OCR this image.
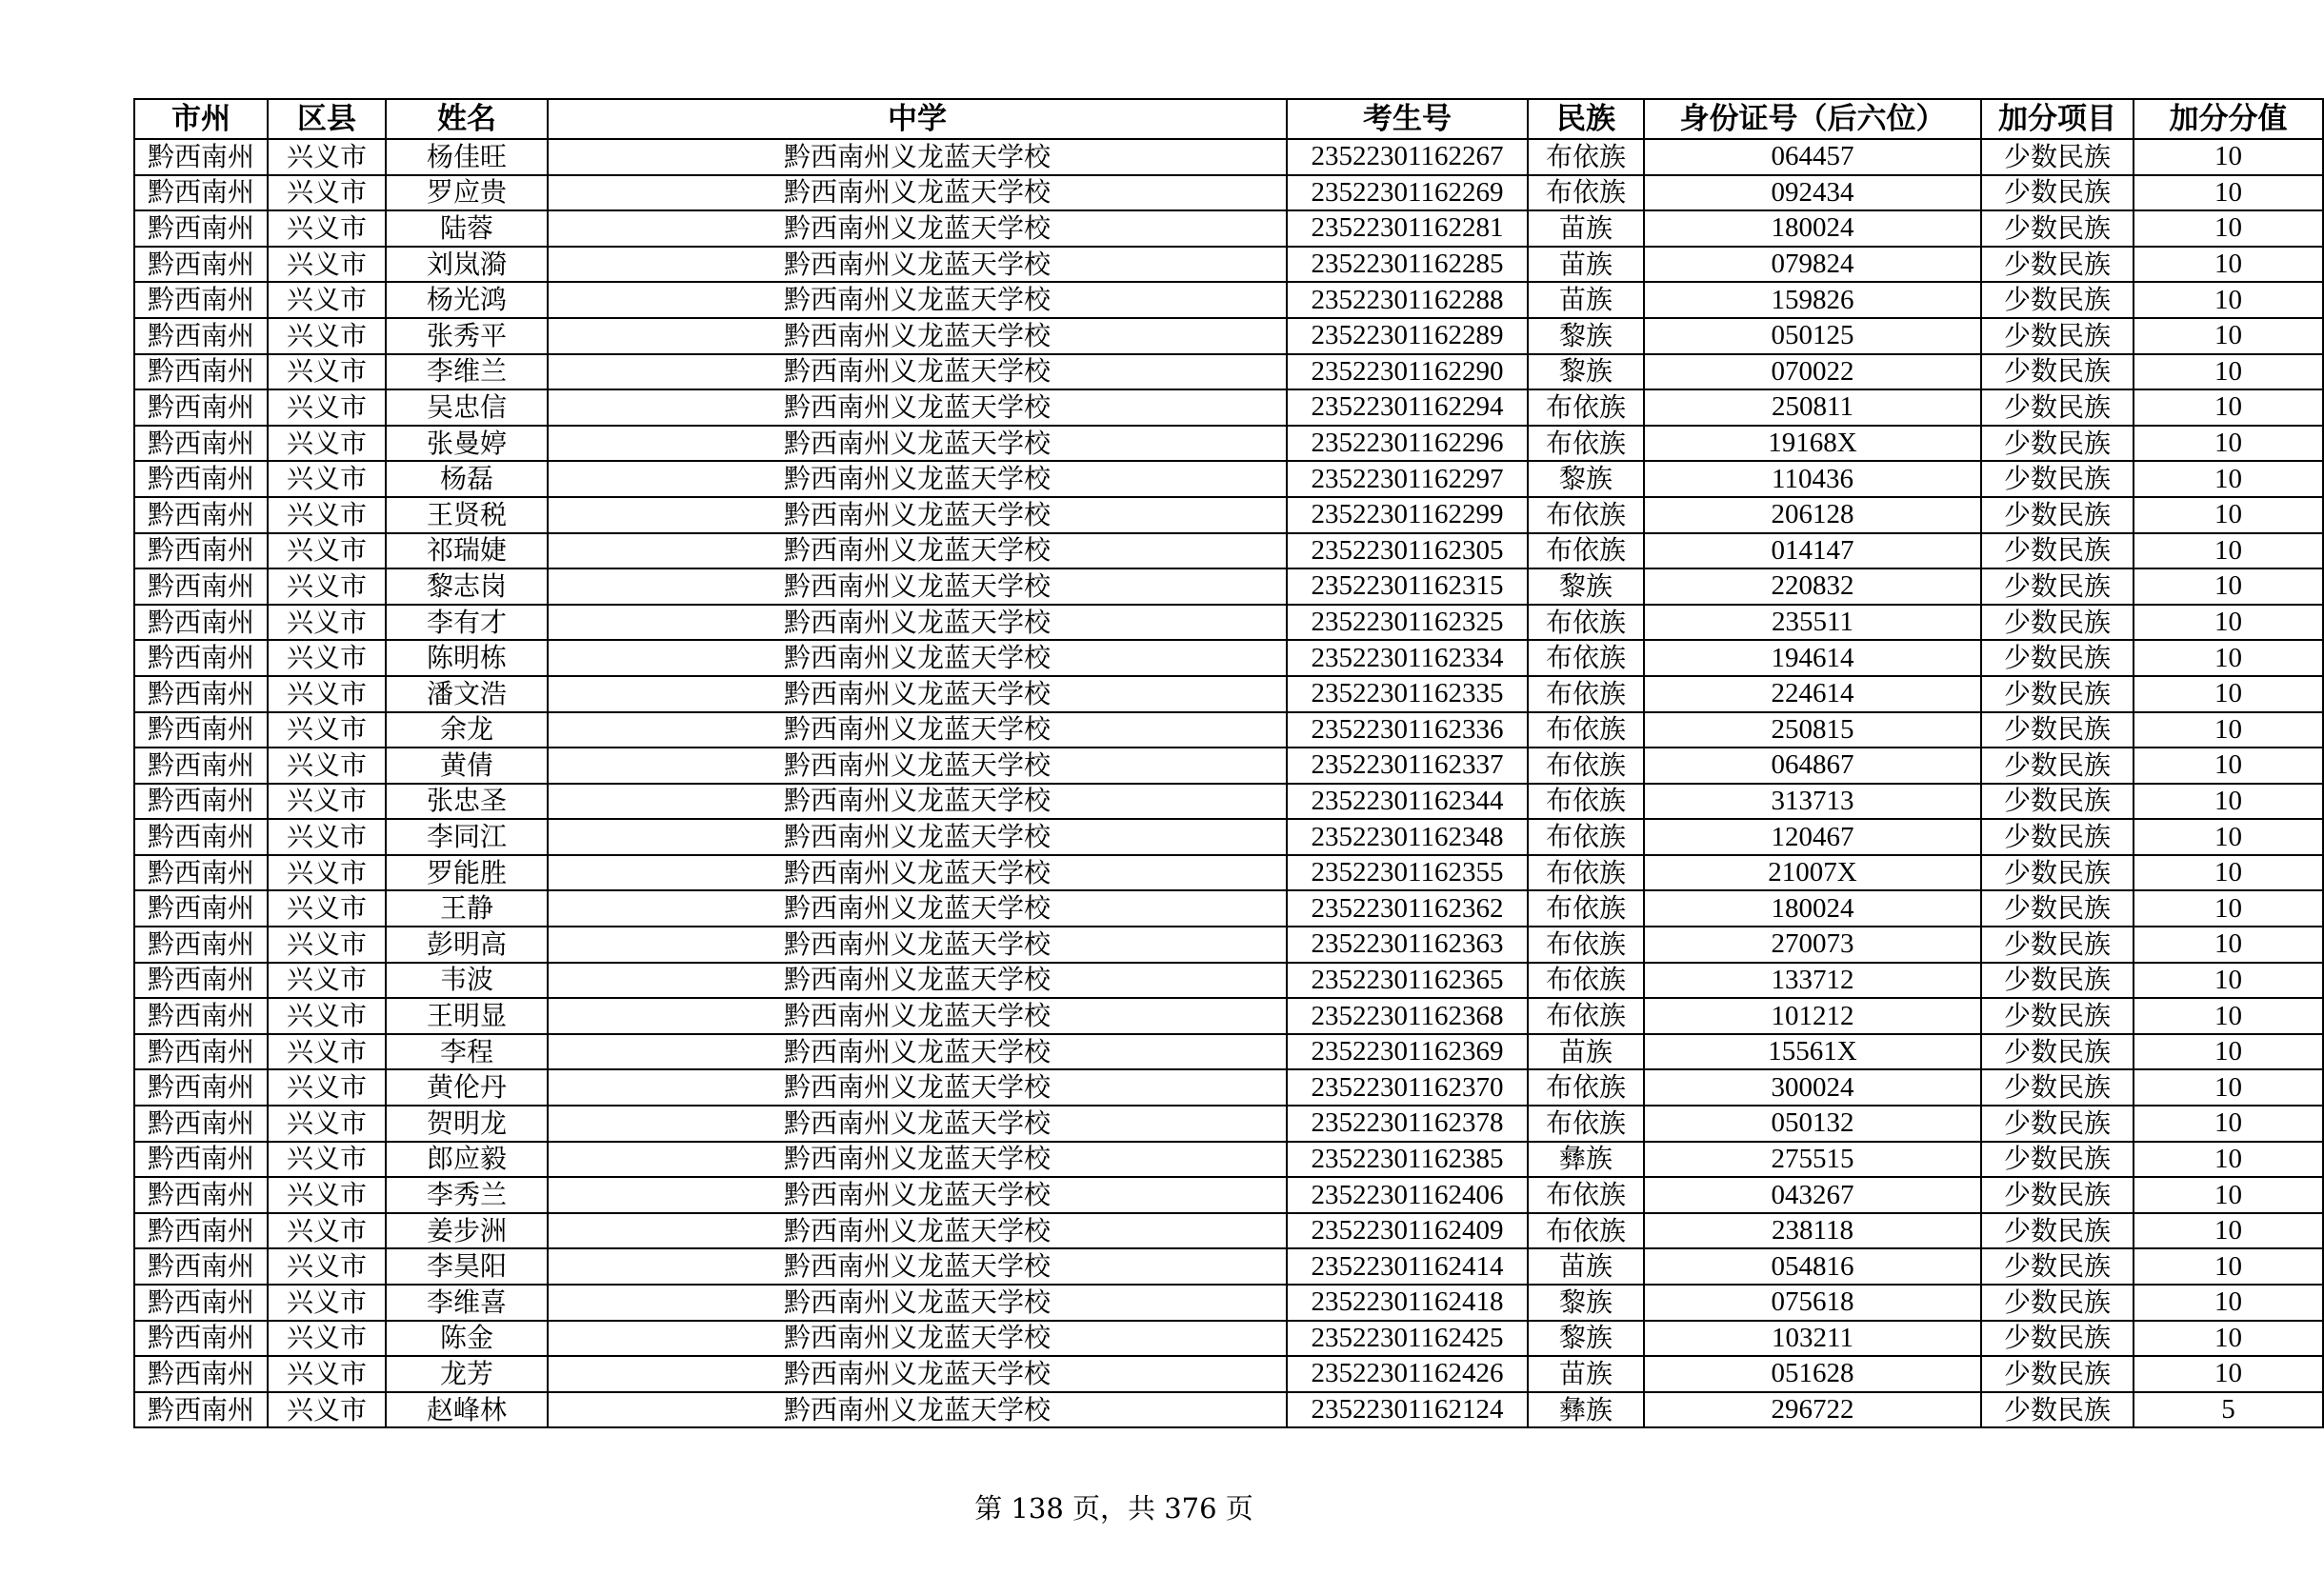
市州	区县	姓名	中学	考生号	民族	身份证号（后六位）	加分项目	加分分值
黔西南州	兴义市	杨佳旺	黔西南州义龙蓝天学校	23522301162267	布依族	064457	少数民族	10
黔西南州	兴义市	罗应贵	黔西南州义龙蓝天学校	23522301162269	布依族	092434	少数民族	10
黔西南州	兴义市	陆蓉	黔西南州义龙蓝天学校	23522301162281	苗族	180024	少数民族	10
黔西南州	兴义市	刘岚漪	黔西南州义龙蓝天学校	23522301162285	苗族	079824	少数民族	10
黔西南州	兴义市	杨光鸿	黔西南州义龙蓝天学校	23522301162288	苗族	159826	少数民族	10
黔西南州	兴义市	张秀平	黔西南州义龙蓝天学校	23522301162289	黎族	050125	少数民族	10
黔西南州	兴义市	李维兰	黔西南州义龙蓝天学校	23522301162290	黎族	070022	少数民族	10
黔西南州	兴义市	吴忠信	黔西南州义龙蓝天学校	23522301162294	布依族	250811	少数民族	10
黔西南州	兴义市	张曼婷	黔西南州义龙蓝天学校	23522301162296	布依族	19168X	少数民族	10
黔西南州	兴义市	杨磊	黔西南州义龙蓝天学校	23522301162297	黎族	110436	少数民族	10
黔西南州	兴义市	王贤税	黔西南州义龙蓝天学校	23522301162299	布依族	206128	少数民族	10
黔西南州	兴义市	祁瑞婕	黔西南州义龙蓝天学校	23522301162305	布依族	014147	少数民族	10
黔西南州	兴义市	黎志岗	黔西南州义龙蓝天学校	23522301162315	黎族	220832	少数民族	10
黔西南州	兴义市	李有才	黔西南州义龙蓝天学校	23522301162325	布依族	235511	少数民族	10
黔西南州	兴义市	陈明栋	黔西南州义龙蓝天学校	23522301162334	布依族	194614	少数民族	10
黔西南州	兴义市	潘文浩	黔西南州义龙蓝天学校	23522301162335	布依族	224614	少数民族	10
黔西南州	兴义市	余龙	黔西南州义龙蓝天学校	23522301162336	布依族	250815	少数民族	10
黔西南州	兴义市	黄倩	黔西南州义龙蓝天学校	23522301162337	布依族	064867	少数民族	10
黔西南州	兴义市	张忠圣	黔西南州义龙蓝天学校	23522301162344	布依族	313713	少数民族	10
黔西南州	兴义市	李同江	黔西南州义龙蓝天学校	23522301162348	布依族	120467	少数民族	10
黔西南州	兴义市	罗能胜	黔西南州义龙蓝天学校	23522301162355	布依族	21007X	少数民族	10
黔西南州	兴义市	王静	黔西南州义龙蓝天学校	23522301162362	布依族	180024	少数民族	10
黔西南州	兴义市	彭明高	黔西南州义龙蓝天学校	23522301162363	布依族	270073	少数民族	10
黔西南州	兴义市	韦波	黔西南州义龙蓝天学校	23522301162365	布依族	133712	少数民族	10
黔西南州	兴义市	王明显	黔西南州义龙蓝天学校	23522301162368	布依族	101212	少数民族	10
黔西南州	兴义市	李程	黔西南州义龙蓝天学校	23522301162369	苗族	15561X	少数民族	10
黔西南州	兴义市	黄伦丹	黔西南州义龙蓝天学校	23522301162370	布依族	300024	少数民族	10
黔西南州	兴义市	贺明龙	黔西南州义龙蓝天学校	23522301162378	布依族	050132	少数民族	10
黔西南州	兴义市	郎应毅	黔西南州义龙蓝天学校	23522301162385	彝族	275515	少数民族	10
黔西南州	兴义市	李秀兰	黔西南州义龙蓝天学校	23522301162406	布依族	043267	少数民族	10
黔西南州	兴义市	姜步洲	黔西南州义龙蓝天学校	23522301162409	布依族	238118	少数民族	10
黔西南州	兴义市	李昊阳	黔西南州义龙蓝天学校	23522301162414	苗族	054816	少数民族	10
黔西南州	兴义市	李维喜	黔西南州义龙蓝天学校	23522301162418	黎族	075618	少数民族	10
黔西南州	兴义市	陈金	黔西南州义龙蓝天学校	23522301162425	黎族	103211	少数民族	10
黔西南州	兴义市	龙芳	黔西南州义龙蓝天学校	23522301162426	苗族	051628	少数民族	10
黔西南州	兴义市	赵峰林	黔西南州义龙蓝天学校	23522301162124	彝族	296722	少数民族	5
第 138 页，共 376 页
